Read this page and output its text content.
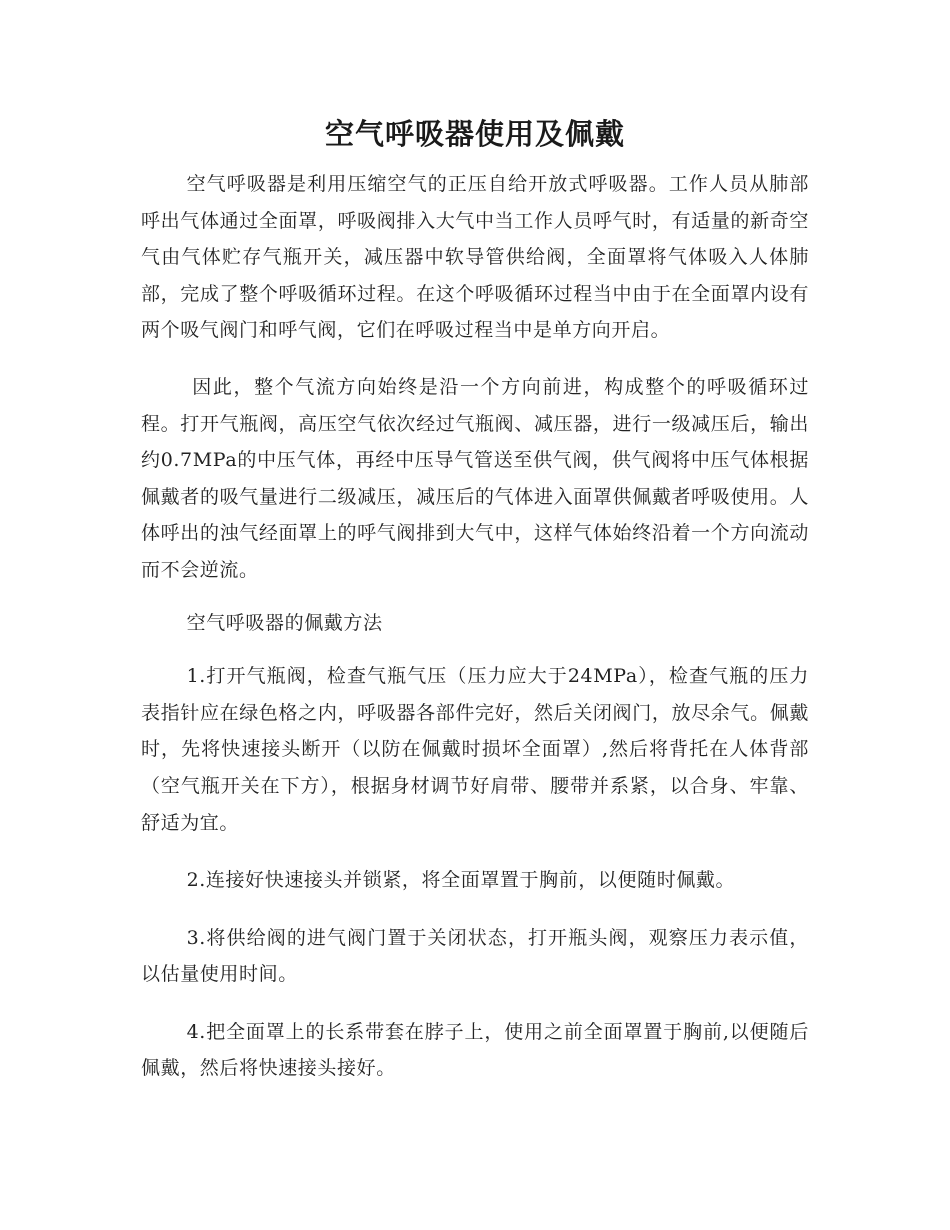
空气呼吸器使用及佩戴

空气呼吸器是利用压缩空气的正压自给开放式呼吸器。工作人员从肺部呼出气体通过全面罩，呼吸阀排入大气中当工作人员呼气时，有适量的新奇空气由气体贮存气瓶开关，减压器中软导管供给阀，全面罩将气体吸入人体肺部，完成了整个呼吸循环过程。在这个呼吸循环过程当中由于在全面罩内设有两个吸气阀门和呼气阀，它们在呼吸过程当中是单方向开启。

因此，整个气流方向始终是沿一个方向前进，构成整个的呼吸循环过程。打开气瓶阀，高压空气依次经过气瓶阀、减压器，进行一级减压后，输出约0.7MPa的中压气体，再经中压导气管送至供气阀，供气阀将中压气体根据佩戴者的吸气量进行二级减压，减压后的气体进入面罩供佩戴者呼吸使用。人体呼出的浊气经面罩上的呼气阀排到大气中，这样气体始终沿着一个方向流动而不会逆流。

空气呼吸器的佩戴方法

1.打开气瓶阀，检查气瓶气压（压力应大于24MPa），检查气瓶的压力表指针应在绿色格之内，呼吸器各部件完好，然后关闭阀门，放尽余气。佩戴时，先将快速接头断开（以防在佩戴时损坏全面罩）,然后将背托在人体背部（空气瓶开关在下方），根据身材调节好肩带、腰带并系紧，以合身、牢靠、舒适为宜。

2.连接好快速接头并锁紧，将全面罩置于胸前，以便随时佩戴。

3.将供给阀的进气阀门置于关闭状态，打开瓶头阀，观察压力表示值，以估量使用时间。

4.把全面罩上的长系带套在脖子上，使用之前全面罩置于胸前,以便随后佩戴，然后将快速接头接好。
